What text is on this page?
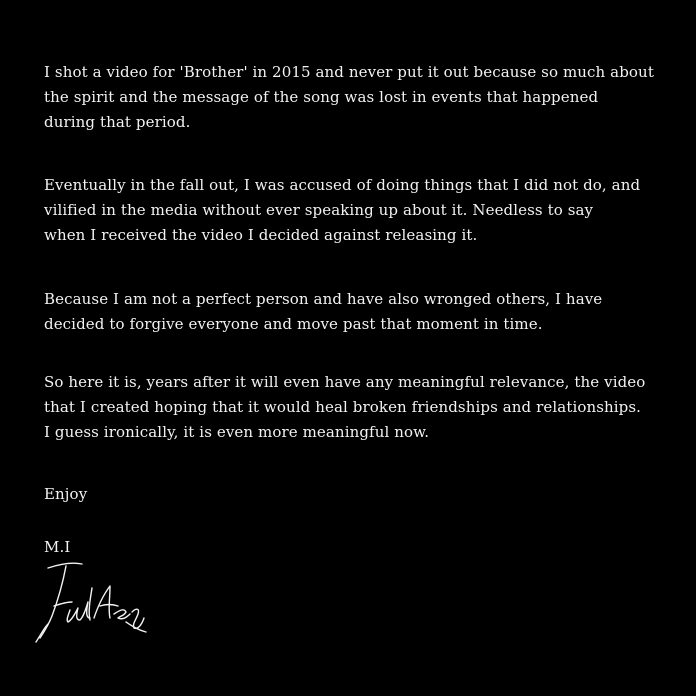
I shot a video for 'Brother' in 2015 and never put it out because so much about
the spirit and the message of the song was lost in events that happened
during that period.

Eventually in the fall out, I was accused of doing things that I did not do, and
vilified in the media without ever speaking up about it. Needless to say
when I received the video I decided against releasing it.

Because I am not a perfect person and have also wronged others, I have
decided to forgive everyone and move past that moment in time.

So here it is, years after it will even have any meaningful relevance, the video
that I created hoping that it would heal broken friendships and relationships.
I guess ironically, it is even more meaningful now.

Enjoy

M.I
